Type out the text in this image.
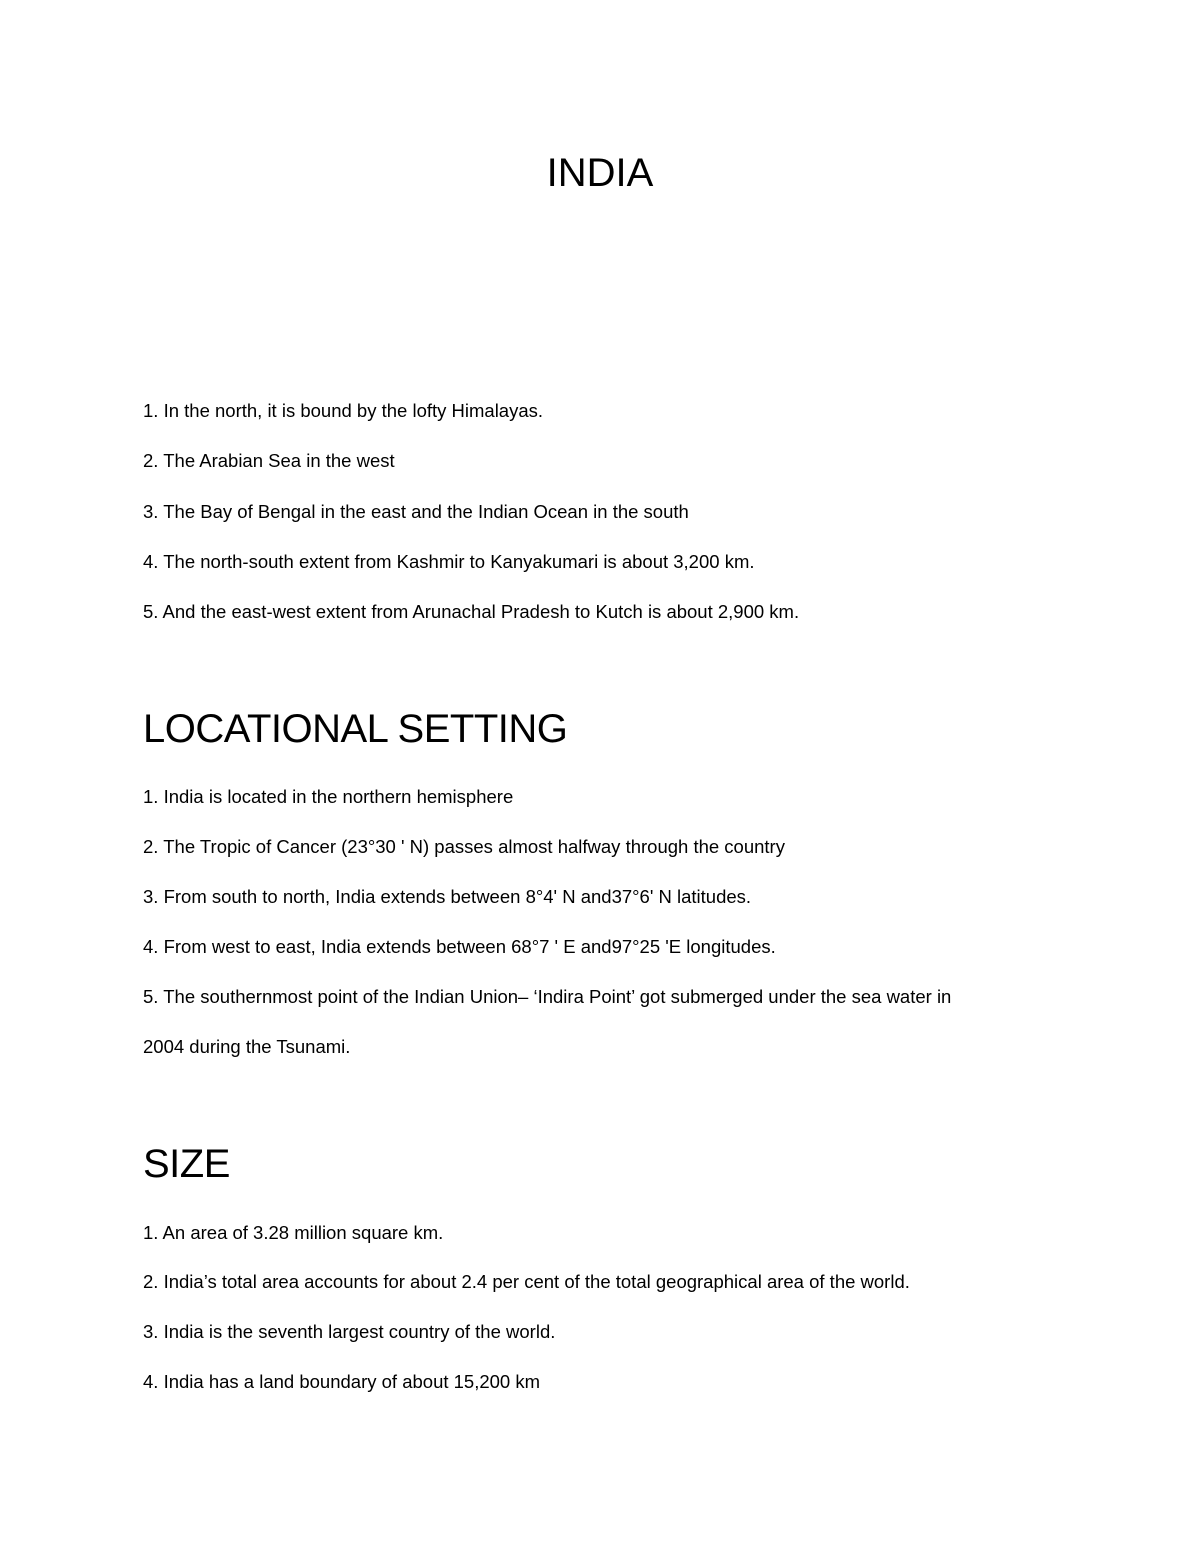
INDIA

1. In the north, it is bound by the lofty Himalayas.

2. The Arabian Sea in the west

3. The Bay of Bengal in the east and the Indian Ocean in the south

4. The north-south extent from Kashmir to Kanyakumari is about 3,200 km.

5. And the east-west extent from Arunachal Pradesh to Kutch is about 2,900 km.

LOCATIONAL SETTING

1. India is located in the northern hemisphere

2. The Tropic of Cancer (23°30 ' N) passes almost halfway through the country

3. From south to north, India extends between 8°4' N and37°6' N latitudes.

4. From west to east, India extends between 68°7 ' E and97°25 'E longitudes.

5. The southernmost point of the Indian Union– ‘Indira Point’ got submerged under the sea water in

2004 during the Tsunami.

SIZE

1. An area of 3.28 million square km.

2. India’s total area accounts for about 2.4 per cent of the total geographical area of the world.

3. India is the seventh largest country of the world.

4. India has a land boundary of about 15,200 km
